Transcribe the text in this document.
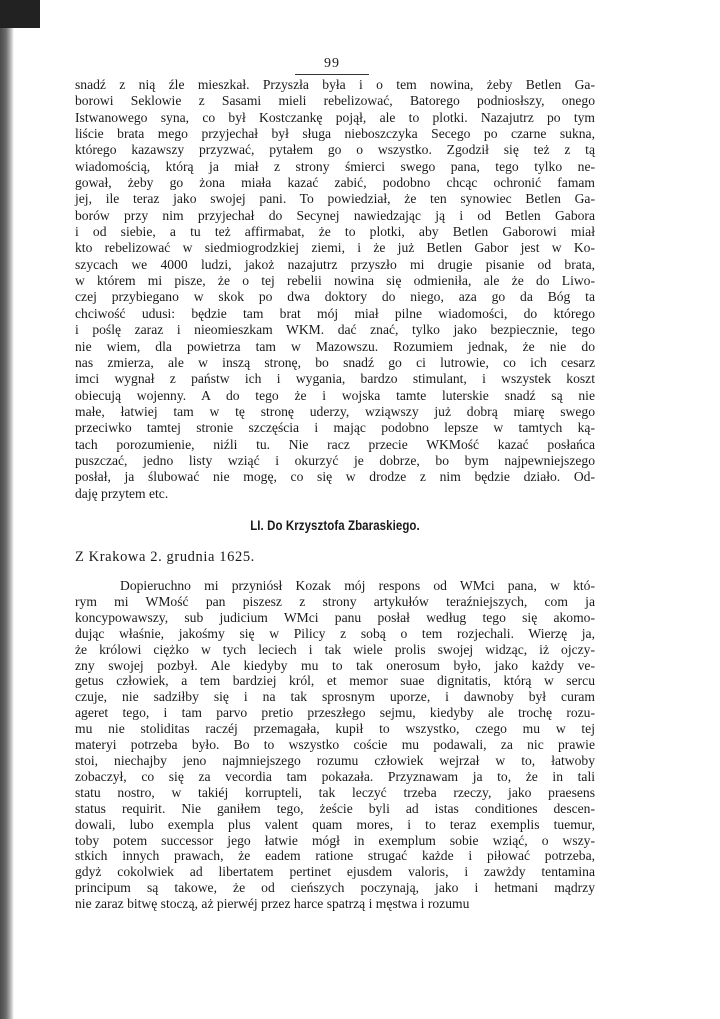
99
snadź z nią źle mieszkał. Przyszła była i o tem nowina, żeby Betlen Ga-
borowi Seklowie z Sasami mieli rebelizować, Batorego podniosłszy, onego
Istwanowego syna, co był Kostczankę pojął, ale to plotki. Nazajutrz po tym
liście brata mego przyjechał był sługa nieboszczyka Secego po czarne sukna,
którego kazawszy przyzwać, pytałem go o wszystko. Zgodził się też z tą
wiadomością, którą ja miał z strony śmierci swego pana, tego tylko ne-
gował, żeby go żona miała kazać zabić, podobno chcąc ochronić famam
jej, ile teraz jako swojej pani. To powiedział, że ten synowiec Betlen Ga-
borów przy nim przyjechał do Secynej nawiedzając ją i od Betlen Gabora
i od siebie, a tu też affirmabat, że to plotki, aby Betlen Gaborowi miał
kto rebelizować w siedmiogrodzkiej ziemi, i że już Betlen Gabor jest w Ko-
szycach we 4000 ludzi, jakoż nazajutrz przyszło mi drugie pisanie od brata,
w którem mi pisze, że o tej rebelii nowina się odmieniła, ale że do Liwo-
czej przybiegano w skok po dwa doktory do niego, aza go da Bóg ta
chciwość udusi: będzie tam brat mój miał pilne wiadomości, do którego
i poślę zaraz i nieomieszkam WKM. dać znać, tylko jako bezpiecznie, tego
nie wiem, dla powietrza tam w Mazowszu. Rozumiem jednak, że nie do
nas zmierza, ale w inszą stronę, bo snadź go ci lutrowie, co ich cesarz
imci wygnał z państw ich i wygania, bardzo stimulant, i wszystek koszt
obiecują wojenny. A do tego że i wojska tamte luterskie snadź są nie
małe, łatwiej tam w tę stronę uderzy, wziąwszy już dobrą miarę swego
przeciwko tamtej stronie szczęścia i mając podobno lepsze w tamtych ką-
tach porozumienie, niźli tu. Nie racz przecie WKMość kazać posłańca
puszczać, jedno listy wziąć i okurzyć je dobrze, bo bym najpewniejszego
posłał, ja ślubować nie mogę, co się w drodze z nim będzie działo. Od-
daję przytem etc.
LI. Do Krzysztofa Zbaraskiego.
Z Krakowa 2. grudnia 1625.
Dopieruchno mi przyniósł Kozak mój respons od WMci pana, w któ-
rym mi WMość pan piszesz z strony artykułów teraźniejszych, com ja
koncypowawszy, sub judicium WMci panu posłał według tego się akomo-
dując właśnie, jakośmy się w Pilicy z sobą o tem rozjechali. Wierzę ja,
że królowi ciężko w tych leciech i tak wiele prolis swojej widząc, iż ojczy-
zny swojej pozbył. Ale kiedyby mu to tak onerosum było, jako każdy ve-
getus człowiek, a tem bardziej król, et memor suae dignitatis, którą w sercu
czuje, nie sadziłby się i na tak sprosnym uporze, i dawnoby był curam
ageret tego, i tam parvo pretio przeszłego sejmu, kiedyby ale trochę rozu-
mu nie stoliditas raczéj przemagała, kupił to wszystko, czego mu w tej
materyi potrzeba było. Bo to wszystko coście mu podawali, za nic prawie
stoi, niechajby jeno najmniejszego rozumu człowiek wejrzał w to, łatwoby
zobaczył, co się za vecordia tam pokazała. Przyznawam ja to, że in tali
statu nostro, w takiéj korrupteli, tak leczyć trzeba rzeczy, jako praesens
status requirit. Nie ganiłem tego, żeście byli ad istas conditiones descen-
dowali, lubo exempla plus valent quam mores, i to teraz exemplis tuemur,
toby potem successor jego łatwie mógł in exemplum sobie wziąć, o wszy-
stkich innych prawach, że eadem ratione strugać każde i piłować potrzeba,
gdyż cokolwiek ad libertatem pertinet ejusdem valoris, i zawżdy tentamina
principum są takowe, że od cieńszych poczynają, jako i hetmani mądrzy
nie zaraz bitwę stoczą, aż pierwéj przez harce spatrzą i męstwa i rozumu
